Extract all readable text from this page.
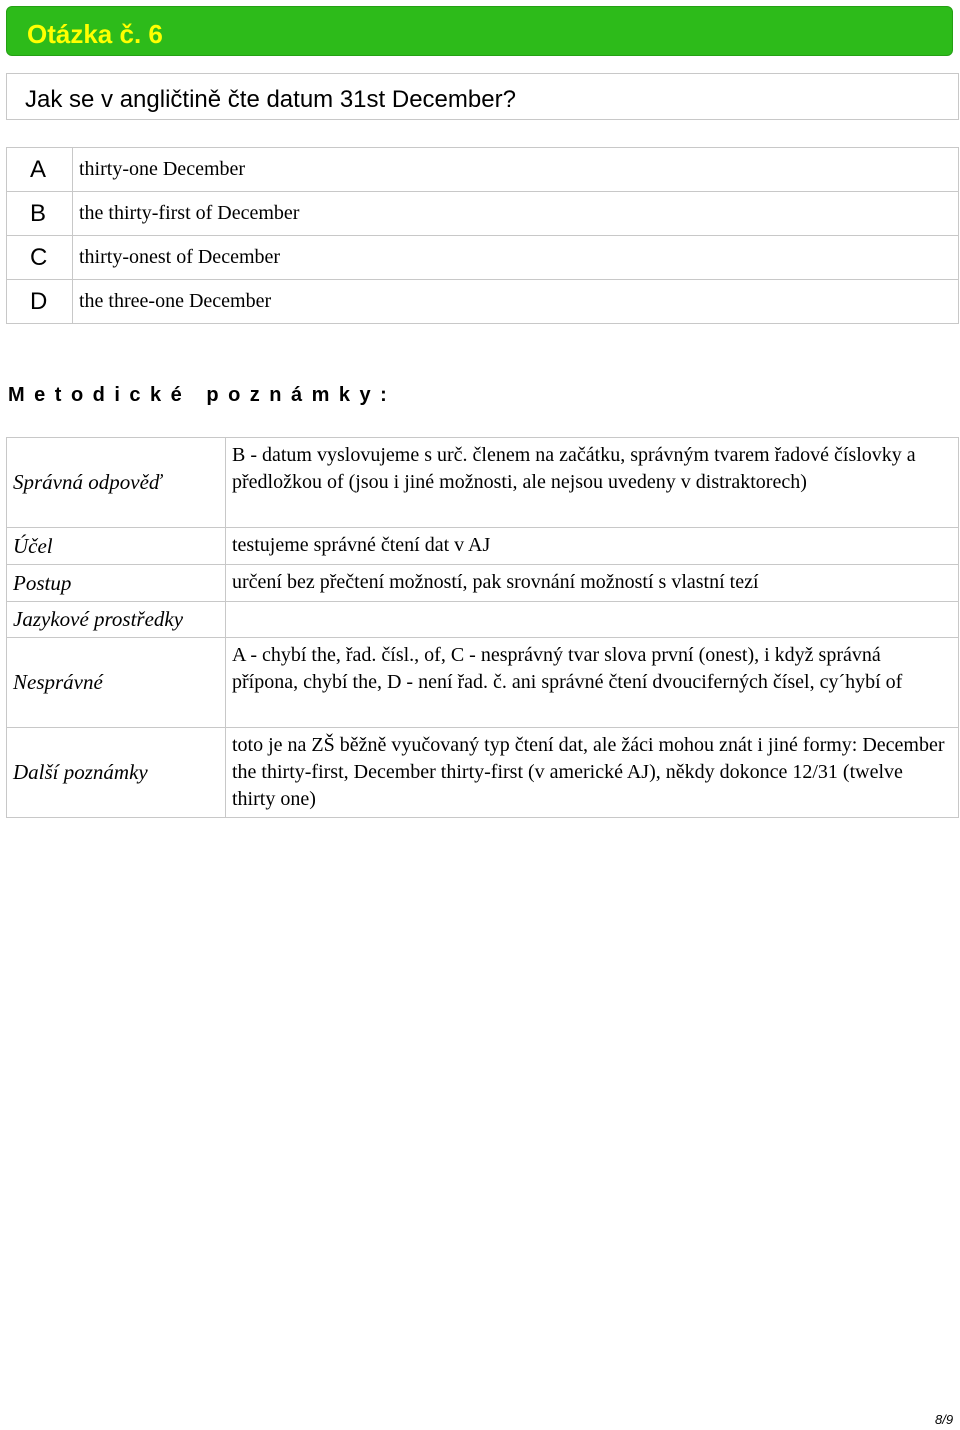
Otázka č. 6
Jak se v angličtině čte datum 31st December?
A	thirty-one December
B	the thirty-first of December
C	thirty-onest of December
D	the three-one December
Metodické poznámky:
Správná odpověď	B - datum vyslovujeme s urč. členem na začátku, správným tvarem řadové číslovky a předložkou of (jsou i jiné možnosti, ale nejsou uvedeny v distraktorech)
Účel	testujeme správné čtení dat v AJ
Postup	určení bez přečtení možností, pak srovnání možností s vlastní tezí
Jazykové prostředky	
Nesprávné	A - chybí the, řad. čísl., of, C - nesprávný tvar slova první (onest), i když správná přípona, chybí the, D - není řad. č. ani správné čtení dvouciferných čísel, cy´hybí of
Další poznámky	toto je na ZŠ běžně vyučovaný typ čtení dat, ale žáci mohou znát i jiné formy: December the thirty-first, December thirty-first (v americké AJ), někdy dokonce 12/31 (twelve thirty one)
8/9
